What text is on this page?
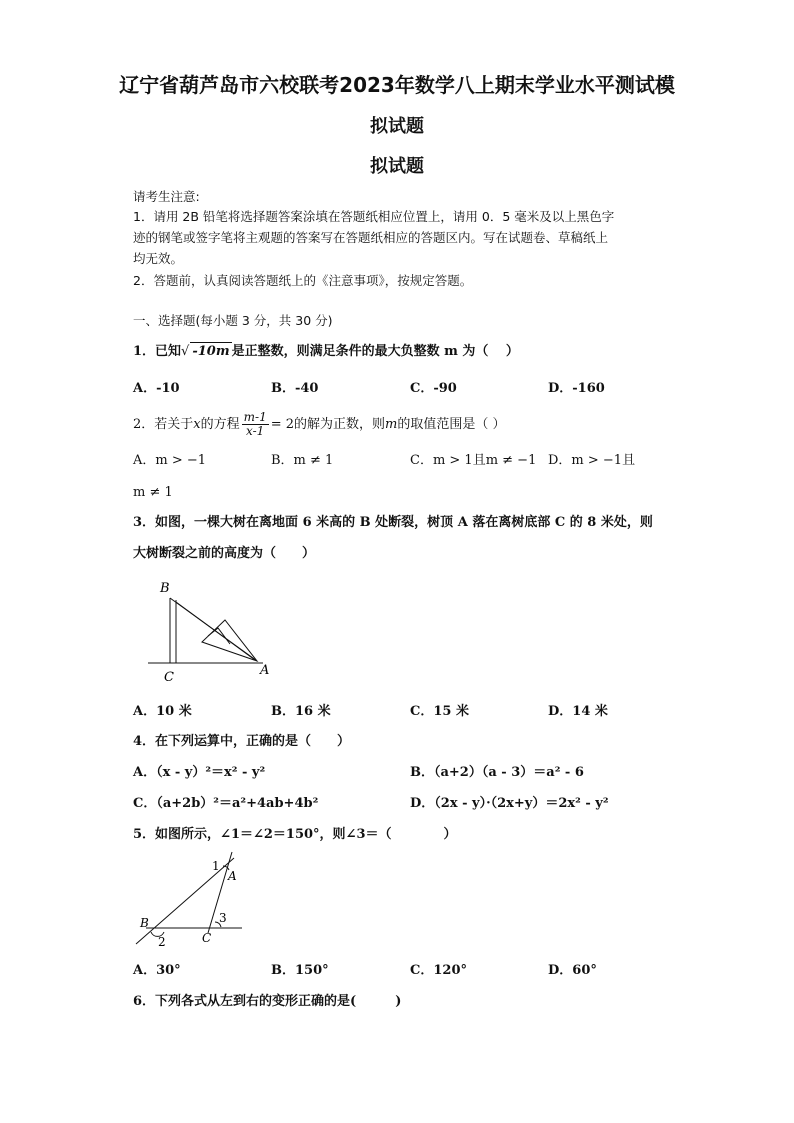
辽宁省葫芦岛市六校联考2023年数学八上期末学业水平测试模
拟试题
拟试题
请考生注意:
1．请用 2B 铅笔将选择题答案涂填在答题纸相应位置上，请用 0．5 毫米及以上黑色字
迹的钢笔或签字笔将主观题的答案写在答题纸相应的答题区内。写在试题卷、草稿纸上
均无效。
2．答题前，认真阅读答题纸上的《注意事项》，按规定答题。
一、选择题(每小题 3 分，共 30 分)
1．已知√ -10m 是正整数，则满足条件的最大负整数 m 为（　 ）
A．-10	B．-40	C．-90	D．-160
2．若关于x的方程 $\frac{m-1}{x-1} = 2$的解为正数，则m的取值范围是（ ）
A．m > −1	B．m ≠ 1	C．m > 1且m ≠ −1 D．m > −1且
m ≠ 1
3．如图，一棵大树在离地面 6 米高的 B 处断裂，树顶 A 落在离树底部 C 的 8 米处，则
大树断裂之前的高度为（　　）
B
C	A
A．10 米	B．16 米	C．15 米	D．14 米
4．在下列运算中，正确的是（　　）
A．（x - y）²＝x² - y²	B．（a+2）（a - 3）＝a² - 6
C．（a+2b）²＝a²+4ab+4b²	D．（2x - y）·（2x+y）＝2x² - y²
5．如图所示，∠1＝∠2＝150°，则∠3＝（　　　　）
1
A
B	3
C
2
A．30°	B．150°	C．120°	D．60°
6．下列各式从左到右的变形正确的是(　　　)
